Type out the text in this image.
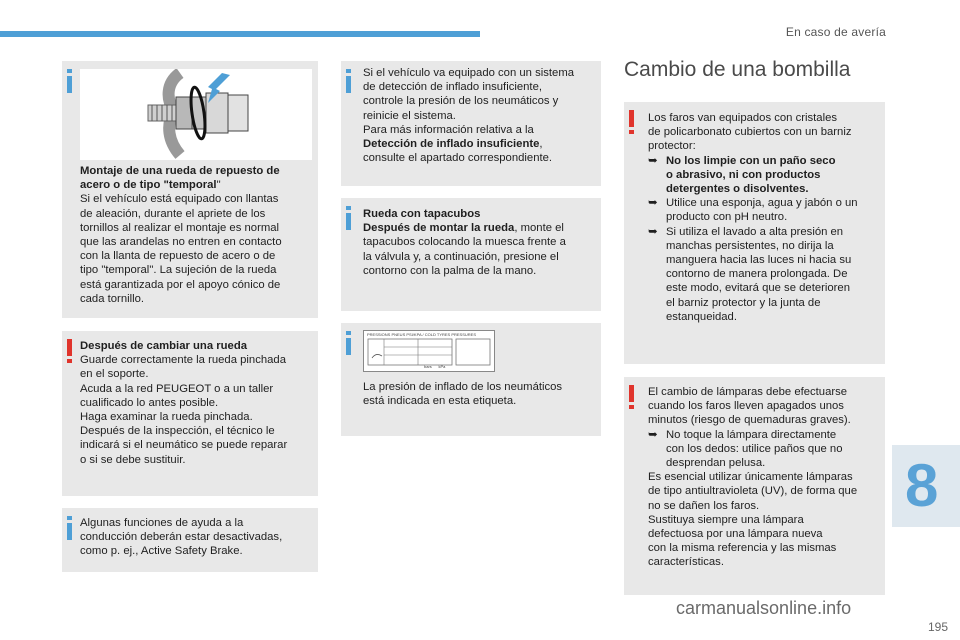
En caso de avería
8
195
carmanualsonline.info

Montaje de una rueda de repuesto de

acero o de tipo "temporal"

Si el vehículo está equipado con llantas

de aleación, durante el apriete de los

tornillos al realizar el montaje es normal

que las arandelas no entren en contacto

con la llanta de repuesto de acero o de

tipo "temporal". La sujeción de la rueda

está garantizada por el apoyo cónico de

cada tornillo.

Después de cambiar una rueda

Guarde correctamente la rueda pinchada

en el soporte.

Acuda a la red PEUGEOT o a un taller

cualificado lo antes posible.

Haga examinar la rueda pinchada.

Después de la inspección, el técnico le

indicará si el neumático se puede reparar

o si se debe sustituir.

Algunas funciones de ayuda a la

conducción deberán estar desactivadas,

como p. ej., Active Safety Brake.

Si el vehículo va equipado con un sistema

de detección de inflado insuficiente,

controle la presión de los neumáticos y

reinicie el sistema.

Para más información relativa a la

Detección de inflado insuficiente,

consulte el apartado correspondiente.

Rueda con tapacubos

Después de montar la rueda, monte el

tapacubos colocando la muesca frente a

la válvula y, a continuación, presione el

contorno con la palma de la mano.

PRESSIONS PNEUS PSI/KPA / COLD TYRES PRESSURES
bars      kPa

La presión de inflado de los neumáticos

está indicada en esta etiqueta.

Cambio de una bombilla

Los faros van equipados con cristales

de policarbonato cubiertos con un barniz

protector:

➥ No los limpie con un paño seco

o abrasivo, ni con productos

detergentes o disolventes.

➥ Utilice una esponja, agua y jabón o un

producto con pH neutro.

➥ Si utiliza el lavado a alta presión en

manchas persistentes, no dirija la

manguera hacia las luces ni hacia su

contorno de manera prolongada. De

este modo, evitará que se deterioren

el barniz protector y la junta de

estanqueidad.

El cambio de lámparas debe efectuarse

cuando los faros lleven apagados unos

minutos (riesgo de quemaduras graves).

➥ No toque la lámpara directamente

con los dedos: utilice paños que no

desprendan pelusa.

Es esencial utilizar únicamente lámparas

de tipo antiultravioleta (UV), de forma que

no se dañen los faros.

Sustituya siempre una lámpara

defectuosa por una lámpara nueva

con la misma referencia y las mismas

características.
